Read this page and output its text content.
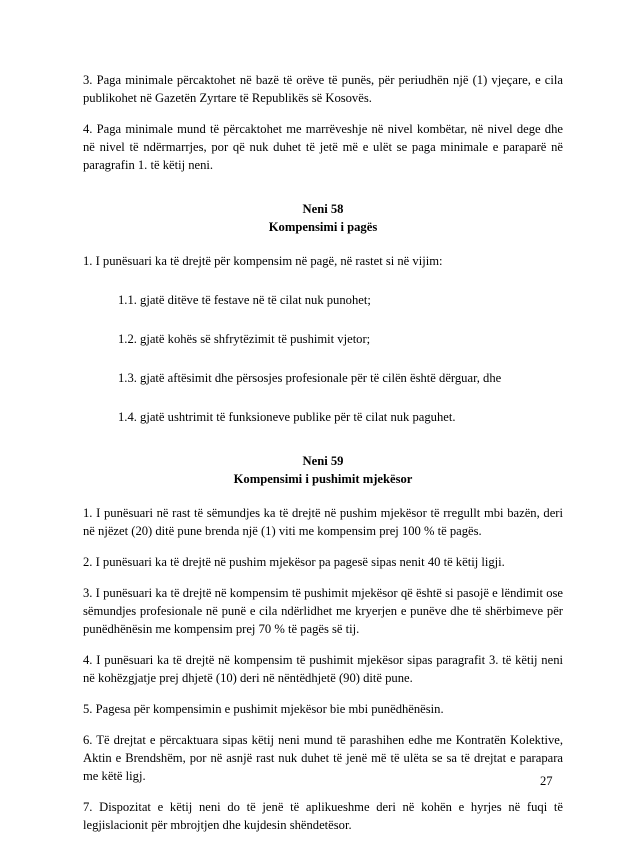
3. Paga minimale përcaktohet në bazë të orëve të punës, për periudhën një (1) vjeçare, e cila publikohet në Gazetën Zyrtare të Republikës së Kosovës.

4. Paga minimale mund të përcaktohet me marrëveshje në nivel kombëtar, në nivel dege dhe në nivel të ndërmarrjes, por që nuk duhet të jetë më e ulët se paga minimale e paraparë në paragrafin 1. të këtij neni.

Neni 58
Kompensimi i pagës

1. I punësuari ka të drejtë për kompensim në pagë, në rastet si në vijim:

1.1. gjatë ditëve të festave në të cilat nuk punohet;
1.2. gjatë kohës së shfrytëzimit të pushimit vjetor;
1.3. gjatë aftësimit dhe përsosjes profesionale për të cilën është dërguar, dhe
1.4. gjatë ushtrimit të funksioneve publike për të cilat nuk paguhet.
Neni 59
Kompensimi i pushimit mjekësor

1. I punësuari në rast të sëmundjes ka të drejtë në pushim mjekësor të rregullt mbi bazën, deri në njëzet (20) ditë pune brenda një (1) viti me kompensim prej 100 % të pagës.

2. I punësuari ka të drejtë në pushim mjekësor pa pagesë sipas nenit 40 të këtij ligji.

3. I punësuari ka të drejtë në kompensim të pushimit mjekësor që është si pasojë e lëndimit ose sëmundjes profesionale në punë e cila ndërlidhet me kryerjen e punëve dhe të shërbimeve për punëdhënësin me kompensim prej 70 % të pagës së tij.

4. I punësuari ka të drejtë në kompensim të pushimit mjekësor sipas paragrafit 3. të këtij neni në kohëzgjatje prej dhjetë (10) deri në nëntëdhjetë (90) ditë pune.

5. Pagesa për kompensimin e pushimit mjekësor bie mbi punëdhënësin.

6. Të drejtat e përcaktuara sipas këtij neni mund të parashihen edhe me Kontratën Kolektive, Aktin e Brendshëm, por në asnjë rast nuk duhet të jenë më të ulëta se sa të drejtat e parapara me këtë ligj.

7. Dispozitat e këtij neni do të jenë të aplikueshme deri në kohën e hyrjes në fuqi të legjislacionit për mbrojtjen dhe kujdesin shëndetësor.

27
